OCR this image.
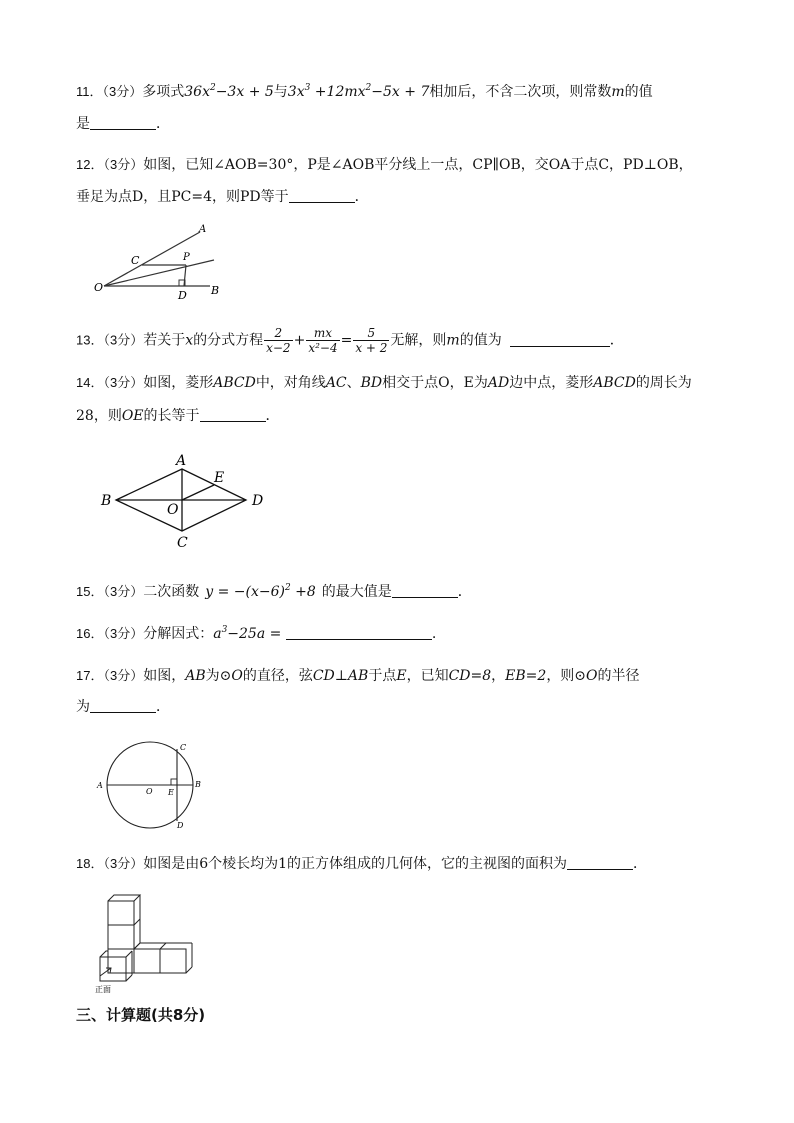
11．（3分）多项式$36x^2-3x + 5$与$3x^3 +12mx^2-5x + 7$相加后，不含二次项，则常数m的值
是	．
12．（3分）如图，已知∠AOB=30°，P是∠AOB平分线上一点，CP∥OB，交OA于点C，PD⊥OB，
垂足为点D，且PC=4，则PD等于	．
A
C	P
O
D B
13．（3分）若关于x的分式方程 $\frac{2}{x-2} + \frac{mx}{\text{x²−4}} = \frac{5}{x + 2}$ 无解，则m的值为	．
14．（3分）如图，菱形ABCD中，对角线AC、BD相交于点O，E为AD边中点，菱形ABCD的周长为
28，则OE的长等于	．
A
B
C
D
E
O
15．（3分）二次函数 $y = -(x-6)^2 +8$ 的最大值是	．
16．（3分）分解因式：$a^3-25a$ =	.
17．（3分）如图，AB为⊙O的直径，弦CD⊥AB于点E，已知CD=8，EB=2，则⊙O的半径
为	．
A
O E
B
C
D
18．（3分）如图是由6个棱长均为1的正方体组成的几何体，它的主视图的面积为	．
正面
三、计算题(共8分)
